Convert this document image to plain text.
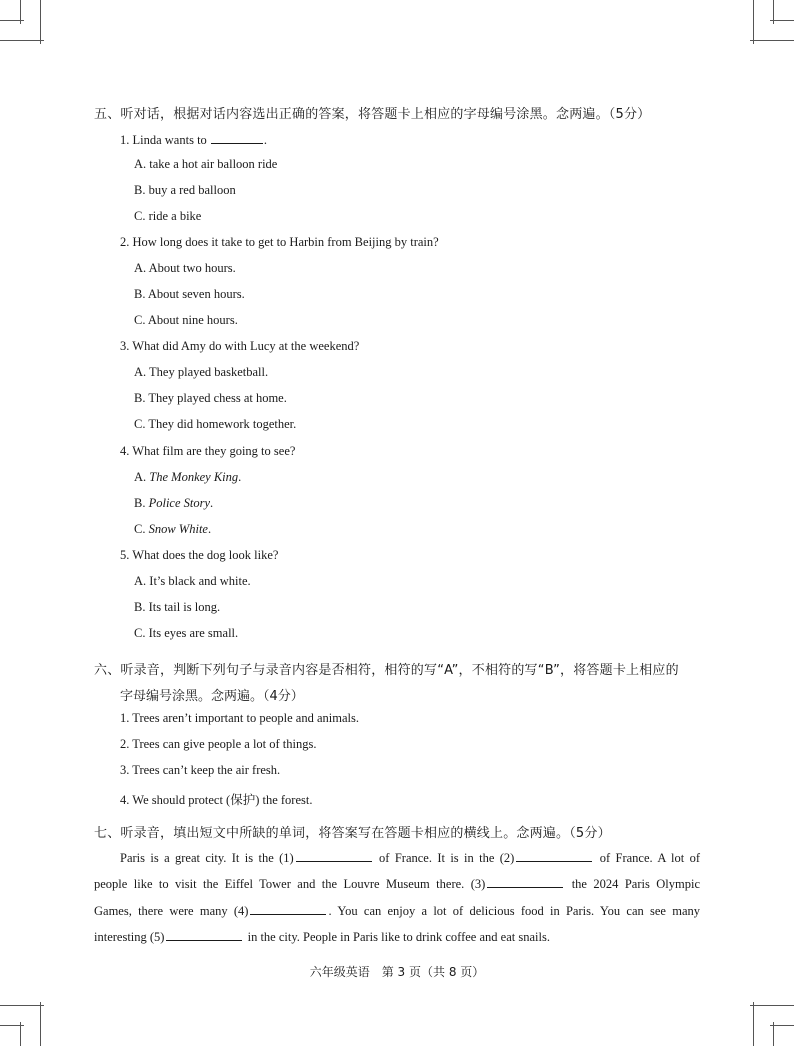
五、听对话，根据对话内容选出正确的答案，将答题卡上相应的字母编号涂黑。念两遍。（5分）
1. Linda wants to	.
A. take a hot air balloon ride
B. buy a red balloon
C. ride a bike
2. How long does it take to get to Harbin from Beijing by train?
A. About two hours.
B. About seven hours.
C. About nine hours.
3. What did Amy do with Lucy at the weekend?
A. They played basketball.
B. They played chess at home.
C. They did homework together.
4. What film are they going to see?
A. The Monkey King.
B. Police Story.
C. Snow White.
5. What does the dog look like?
A. It’s black and white.
B. Its tail is long.
C. Its eyes are small.
六、听录音，判断下列句子与录音内容是否相符，相符的写“A”，不相符的写“B”，将答题卡上相应的
字母编号涂黑。念两遍。（4分）
1. Trees aren’t important to people and animals.
2. Trees can give people a lot of things.
3. Trees can’t keep the air fresh.
4. We should protect (保护) the forest.
七、听录音，填出短文中所缺的单词，将答案写在答题卡相应的横线上。念两遍。（5分）
Paris is a great city. It is the (1)	of France. It is in the (2)	of France. A lot of
people like to visit the Eiffel Tower and the Louvre Museum there. (3)	the 2024 Paris Olympic
Games, there were many (4)	. You can enjoy a lot of delicious food in Paris. You can see many
interesting (5)	in the city. People in Paris like to drink coffee and eat snails.
六年级英语　第 3 页（共 8 页）
